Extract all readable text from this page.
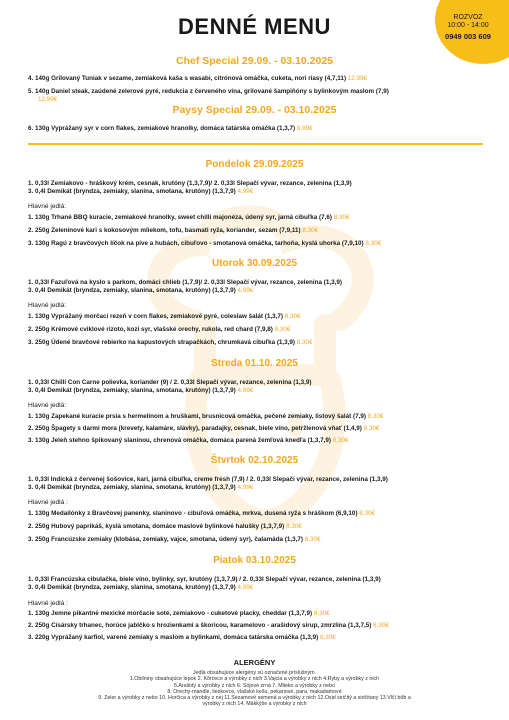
ROZVOZ
10:00 - 14:00
0949 003 609
DENNÉ MENU
Chef Special 29.09. - 03.10.2025
4. 140g Grilovaný Tuniak v sezame, zemiaková kaša s wasabi, citrónová omáčka, cuketa, nori riasy (4,7,11) 12,99€
5. 140g Daniel steak, zaúdené zelerové pyré, redukcia z červeného vína, grilované šampiňóny s bylinkovým maslom (7,9)
12,99€
Paysy Special 29.09. - 03.10.2025
6. 130g Vyprážaný syr v corn flakes, zemiakové hranolky, domáca tatárska omáčka (1,3,7) 8,99€
Pondelok 29.09.2025
1. 0,33l Zemiakovo - hráškový krém, cesnak, krutóny (1,3,7,9)/ 2. 0,33l Slepačí vývar, rezance, zelenina (1,3,9)
3. 0,4l Demikát (bryndza, zemiaky, slanina, smotana, krutóny) (1,3,7,9) 4,99€
Hlavné jedlá:
1. 130g Trhané BBQ kuracie, zemiakové hranolky, sweet chilli majonéza, údený syr, jarná cibuľka (7,6) 8,30€
2. 250g Zeleninové kari s kokosovým mliekom, tofu, basmati ryža, koriander, sezam (7,9,11) 8,30€
3. 130g Ragú z bravčových líčok na pive a hubách, cibuľovo - smotanová omáčka, tarhoňa, kyslá uhorka (7,9,10) 8,30€
Utorok 30.09.2025
1. 0,33l Fazuľová na kyslo s parkom, domáci chlieb (1,7,9)/ 2. 0,33l Slepačí vývar, rezance, zelenina (1,3,9)
3. 0,4l Demikát (bryndza, zemiaky, slanina, smotana, krutóny) (1,3,7,9) 4,99€
Hlavné jedlá:
1. 130g Vyprážaný morčací rezeň v corn flakes, zemiakové pyré, coleslaw šalát (1,3,7) 8,30€
2. 250g Krémové cviklové rizoto, kozí syr, vlašské orechy, rukola, red chard (7,9,8) 8,30€
3. 250g Údené bravčové rebierko na kapustových strapačkách, chrumkavá cibuľka (1,3,9) 8,30€
Streda 01.10. 2025
1. 0,33l Chilli Con Carne polievka, koriander (9) / 2. 0,33l Slepačí vývar, rezance, zelenina (1,3,9)
3. 0,4l Demikát (bryndza, zemiaky, slanina, smotana, krutóny) (1,3,7,9) 4,99€
Hlavné jedlá:
1. 130g Zapekané kuracie prsia s hermelínom a hruškami, brusnicová omáčka, pečené zemiaky, listový šalát (7,9) 8,30€
2. 250g Špagety s darmi mora (krevety, kalamáre, slávky), paradajky, cesnak, biele víno, petržlenová vňať (1,4,9) 8,30€
3. 130g Jeleň stehno špikovaný slaninou, chrenová omáčka, domáca parená žemľová knedľa (1,3,7,9) 8,30€
Štvrtok 02.10.2025
1. 0,33l Indická z červenej šošovice, kari, jarná cibuľka, creme fresh (7,9) / 2. 0,33l Slepačí vývar, rezance, zelenina (1,3,9)
3. 0,4l Demikát (bryndza, zemiaky, slanina, smotana, krutóny) (1,3,7,9) 4,99€
Hlavné jedlá :
1. 130g Medailónky z Bravčovej panenky, slaninovo - cibuľová omáčka, mrkva, dusená ryža s hráškom (6,9,10) 8,30€
2. 250g Hubový paprikáš, kyslá smotana, domáce maslové bylinkové halušky (1,3,7,9) 8,30€
3. 250g Francúzske zemiaky (klobása, zemiaky, vajce, smotana, údený syr), čalamáda (1,3,7) 8,30€
Piatok 03.10.2025
1. 0,33l Francúzska cibulačka, biele víno, bylinky, syr, krutóny (1,3,7,9) / 2. 0,33l Slepačí vývar, rezance, zelenina (1,3,9)
3. 0,4l Demikát (bryndza, zemiaky, slanina, smotana, krutóny) (1,3,7,9) 4,99€
Hlavné jedlá :
1. 130g Jemne pikantné mexické morčacie soté, zemiakovo - cuketové placky, cheddar (1,3,7,9) 8,30€
2. 250g Císársky trhanec, horúce jablčko s hrozienkami a škoricou, karamelovo - arašidový sirup, zmrzlina (1,3,7,5) 8,30€
3. 220g Vyprážaný karfiol, varené zemiaky s maslom a bylinkami, domáca tatárska omáčka (1,3,9) 8,30€
ALERGÉNY
Jedlá obsahujúce alergény sú označené príslušným.
1.Obilniny obsahujúce lepok 2. Kôrovce a výrobky z nich 3.Vajcia a výrobky z nich 4.Ryby a výrobky z nich
5.Arašidy a výrobky z nich 6. Sójové zrná 7. Mlieko a výrobky z nebo
8. Orechy-mandle, lieskovce, vlašské kešu, pekanové, para, makadamové
9. Zeler a výrobky z nebo 10. Horčica a výrobky z nej 11.Sezamové semená a výrobky z nich 12.Oxid siričitý a siričitany 13.Vlčí bôb a
výrobky z nich 14. Mäkkýše a výrobky z nich
